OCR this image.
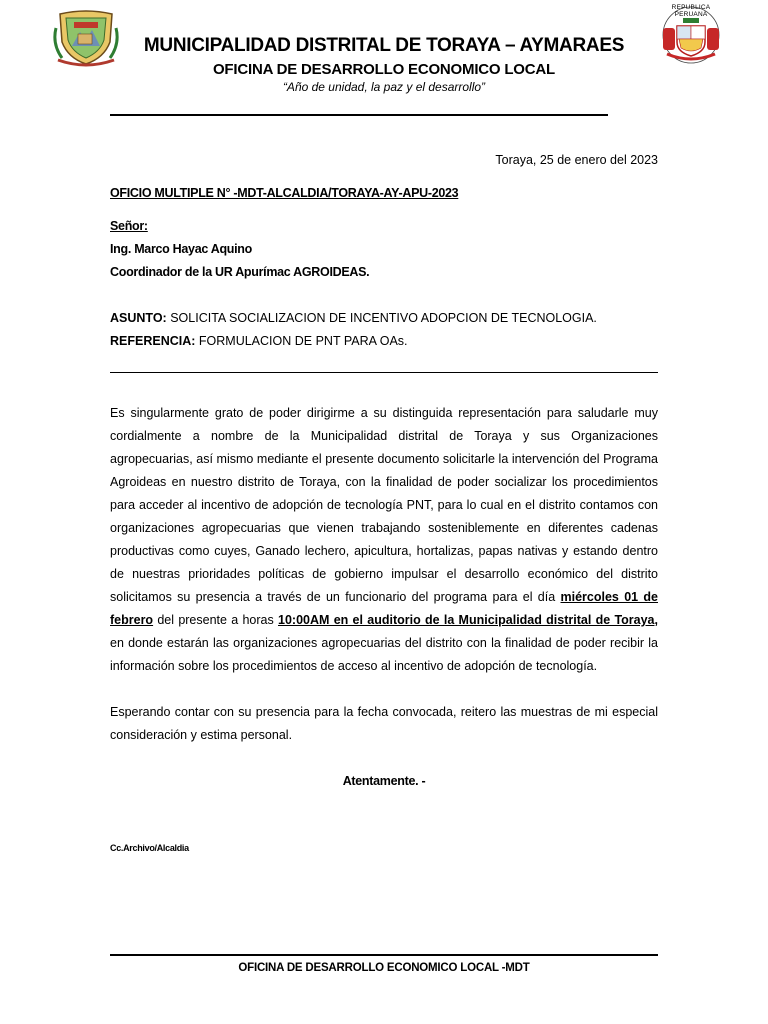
REPUBLICA PERUANA
MUNICIPALIDAD DISTRITAL DE TORAYA – AYMARAES
OFICINA DE DESARROLLO ECONOMICO LOCAL
“Año de unidad, la paz y el desarrollo”
Toraya, 25 de enero del 2023
OFICIO MULTIPLE N° -MDT-ALCALDIA/TORAYA-AY-APU-2023
Señor:
Ing. Marco Hayac Aquino
Coordinador de la UR Apurímac AGROIDEAS.
ASUNTO: SOLICITA SOCIALIZACION DE INCENTIVO ADOPCION DE TECNOLOGIA.
REFERENCIA: FORMULACION DE PNT PARA OAs.
Es singularmente grato de poder dirigirme a su distinguida representación para saludarle muy cordialmente a nombre de la Municipalidad distrital de Toraya y sus Organizaciones agropecuarias, así mismo mediante el presente documento solicitarle la intervención del Programa Agroideas en nuestro distrito de Toraya, con la finalidad de poder socializar los procedimientos para acceder al incentivo de adopción de tecnología PNT, para lo cual en el distrito contamos con organizaciones agropecuarias que vienen trabajando sosteniblemente en diferentes cadenas productivas como cuyes, Ganado lechero, apicultura, hortalizas, papas nativas y estando dentro de nuestras prioridades políticas de gobierno impulsar el desarrollo económico del distrito solicitamos su presencia a través de un funcionario del programa para el día miércoles 01 de febrero del presente a horas 10:00AM en el auditorio de la Municipalidad distrital de Toraya, en donde estarán las organizaciones agropecuarias del distrito con la finalidad de poder recibir la información sobre los procedimientos de acceso al incentivo de adopción de tecnología.
Esperando contar con su presencia para la fecha convocada, reitero las muestras de mi especial consideración y estima personal.
Atentamente. -
Cc.Archivo/Alcaldia
OFICINA DE DESARROLLO ECONOMICO LOCAL -MDT
